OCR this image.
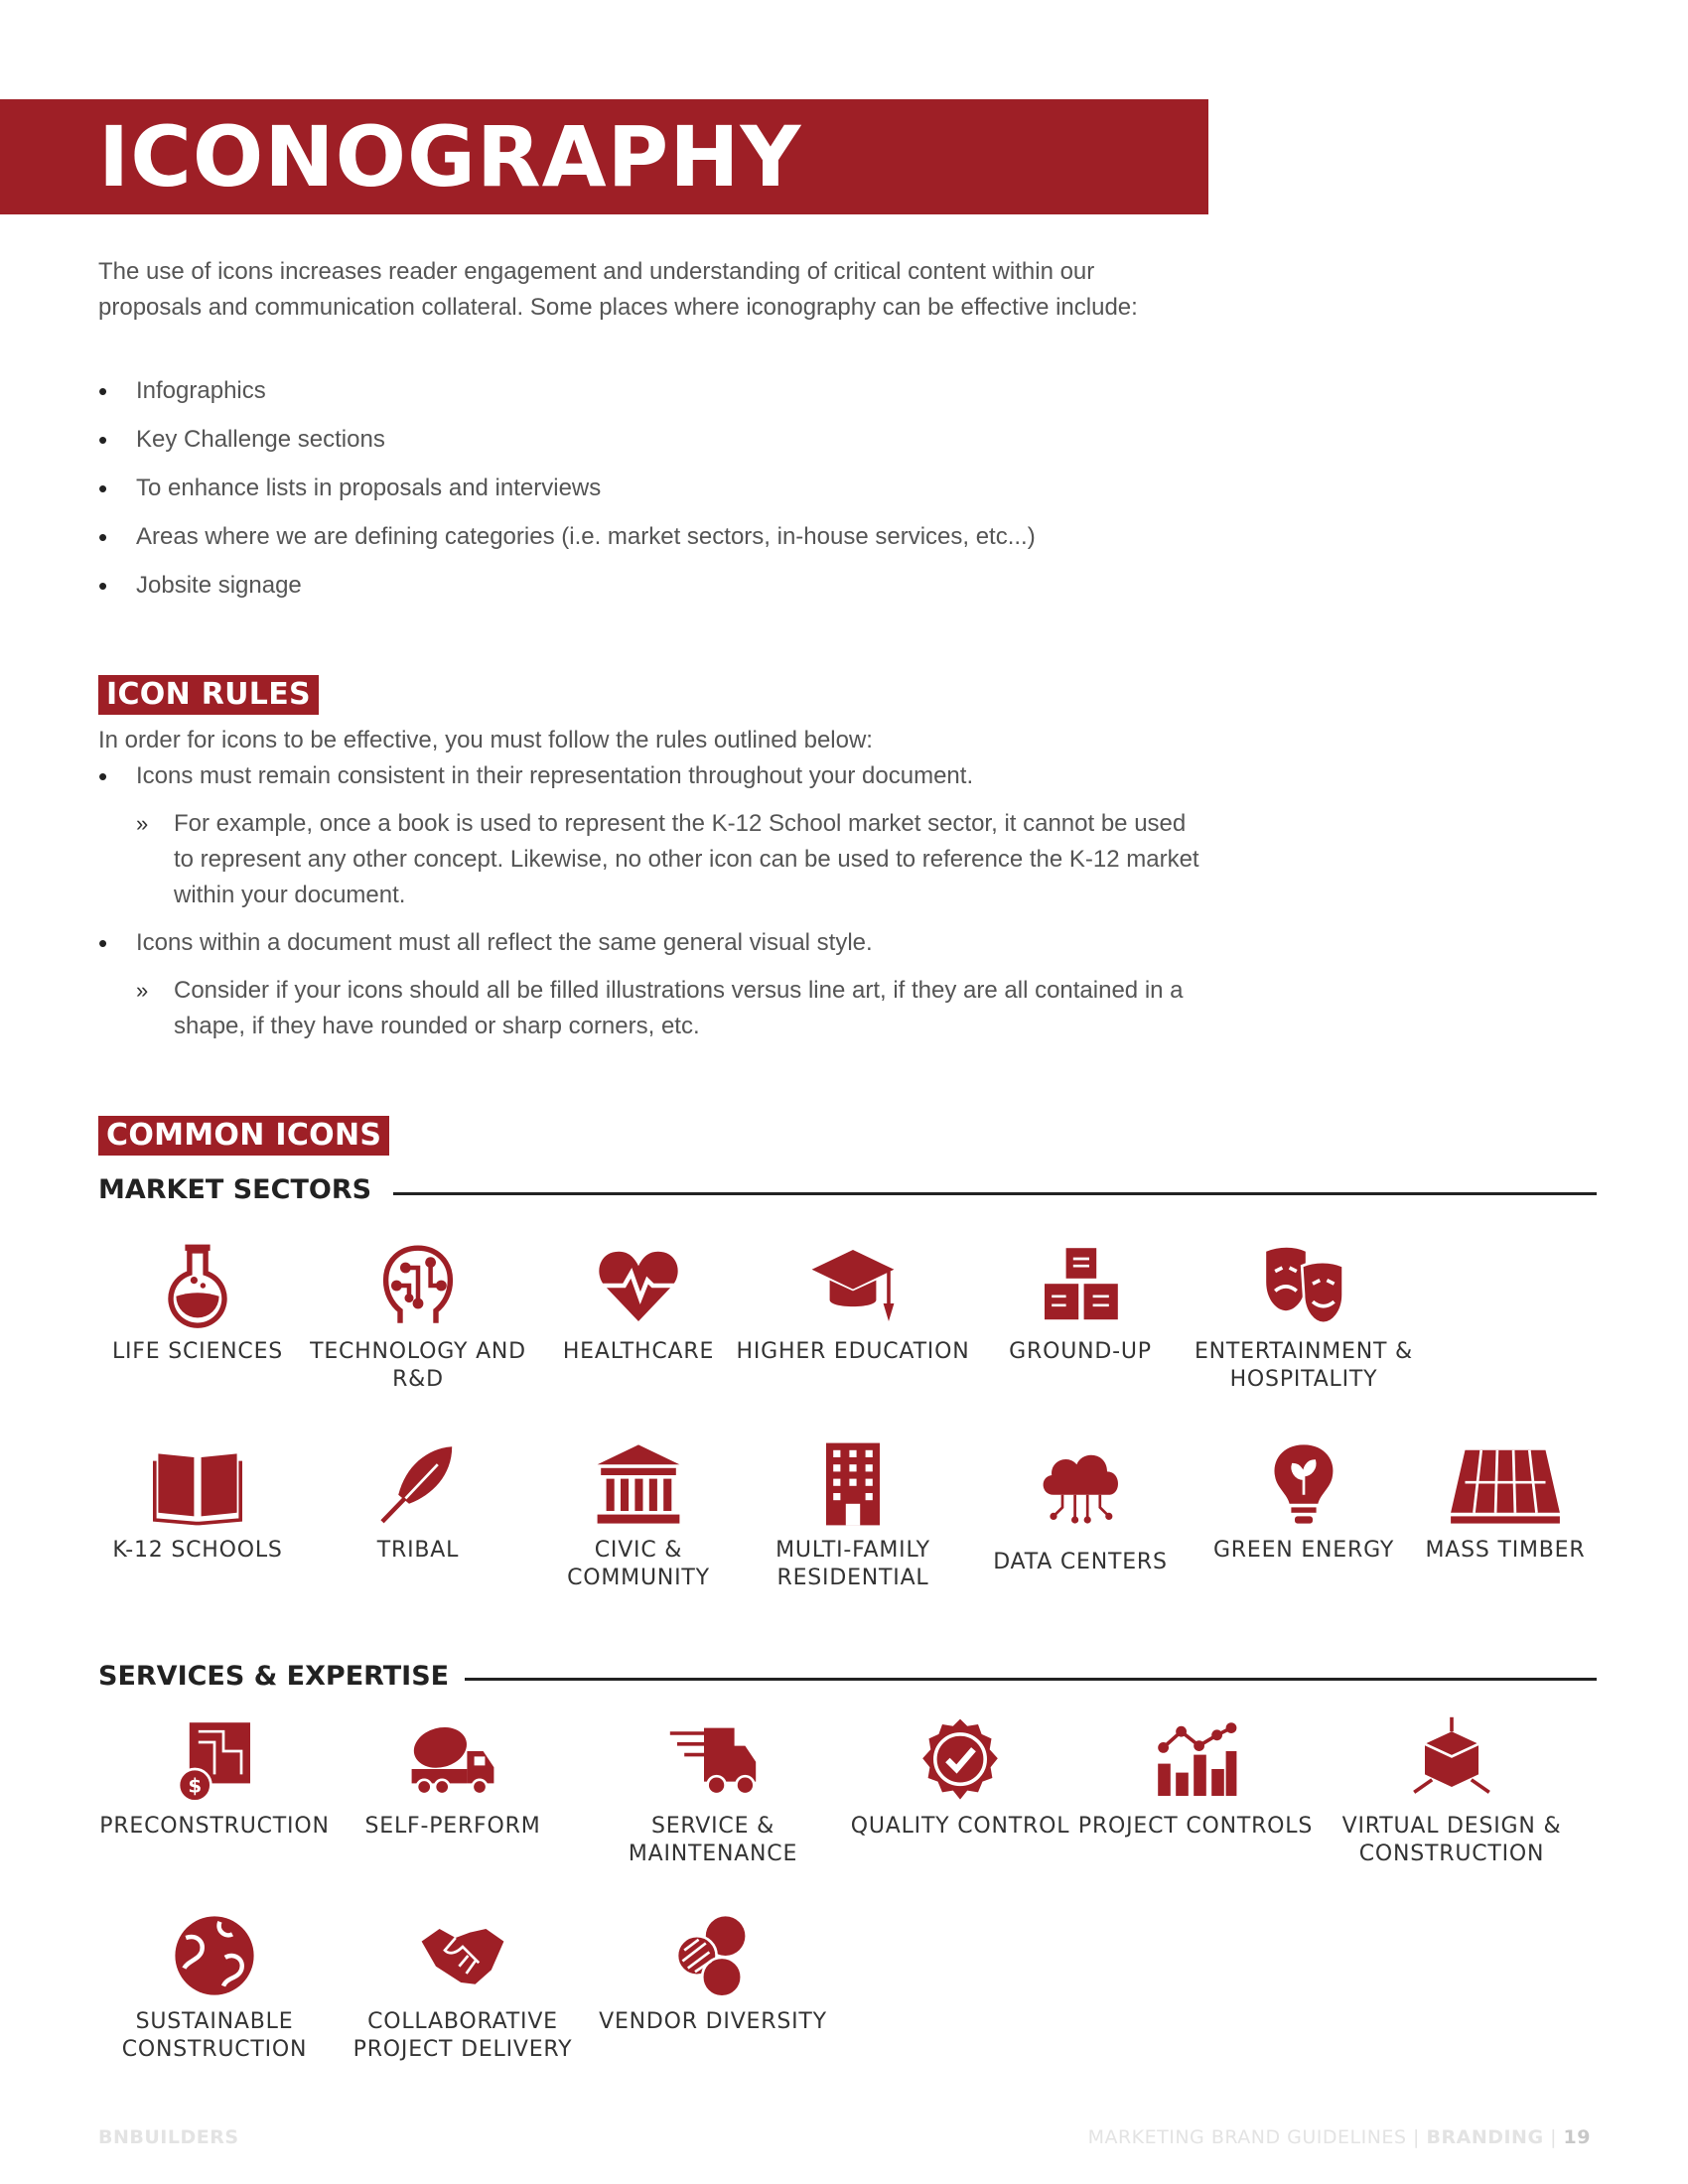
ICONOGRAPHY
The use of icons increases reader engagement and understanding of critical content within our proposals and communication collateral. Some places where iconography can be effective include:
• Infographics
• Key Challenge sections
• To enhance lists in proposals and interviews
• Areas where we are defining categories (i.e. market sectors, in-house services, etc...)
• Jobsite signage
ICON RULES
In order for icons to be effective, you must follow the rules outlined below:
• Icons must remain consistent in their representation throughout your document.
» For example, once a book is used to represent the K-12 School market sector, it cannot be used to represent any other concept. Likewise, no other icon can be used to reference the K-12 market within your document.
• Icons within a document must all reflect the same general visual style.
» Consider if your icons should all be filled illustrations versus line art, if they are all contained in a shape, if they have rounded or sharp corners, etc.
COMMON ICONS
MARKET SECTORS
LIFE SCIENCES	TECHNOLOGY AND R&D
HEALTHCARE	HIGHER EDUCATION	GROUND-UP	ENTERTAINMENT & HOSPITALITY
K-12 SCHOOLS	TRIBAL	CIVIC & COMMUNITY
MULTI-FAMILY RESIDENTIAL
DATA CENTERS	GREEN ENERGY	MASS TIMBER
SERVICES & EXPERTISE
$
PRECONSTRUCTION	SELF-PERFORM	SERVICE & MAINTENANCE
QUALITY CONTROL PROJECT CONTROLS	VIRTUAL DESIGN & CONSTRUCTION
SUSTAINABLE CONSTRUCTION
COLLABORATIVE PROJECT DELIVERY
VENDOR DIVERSITY
BNBUILDERS	MARKETING BRAND GUIDELINES | BRANDING | 19
